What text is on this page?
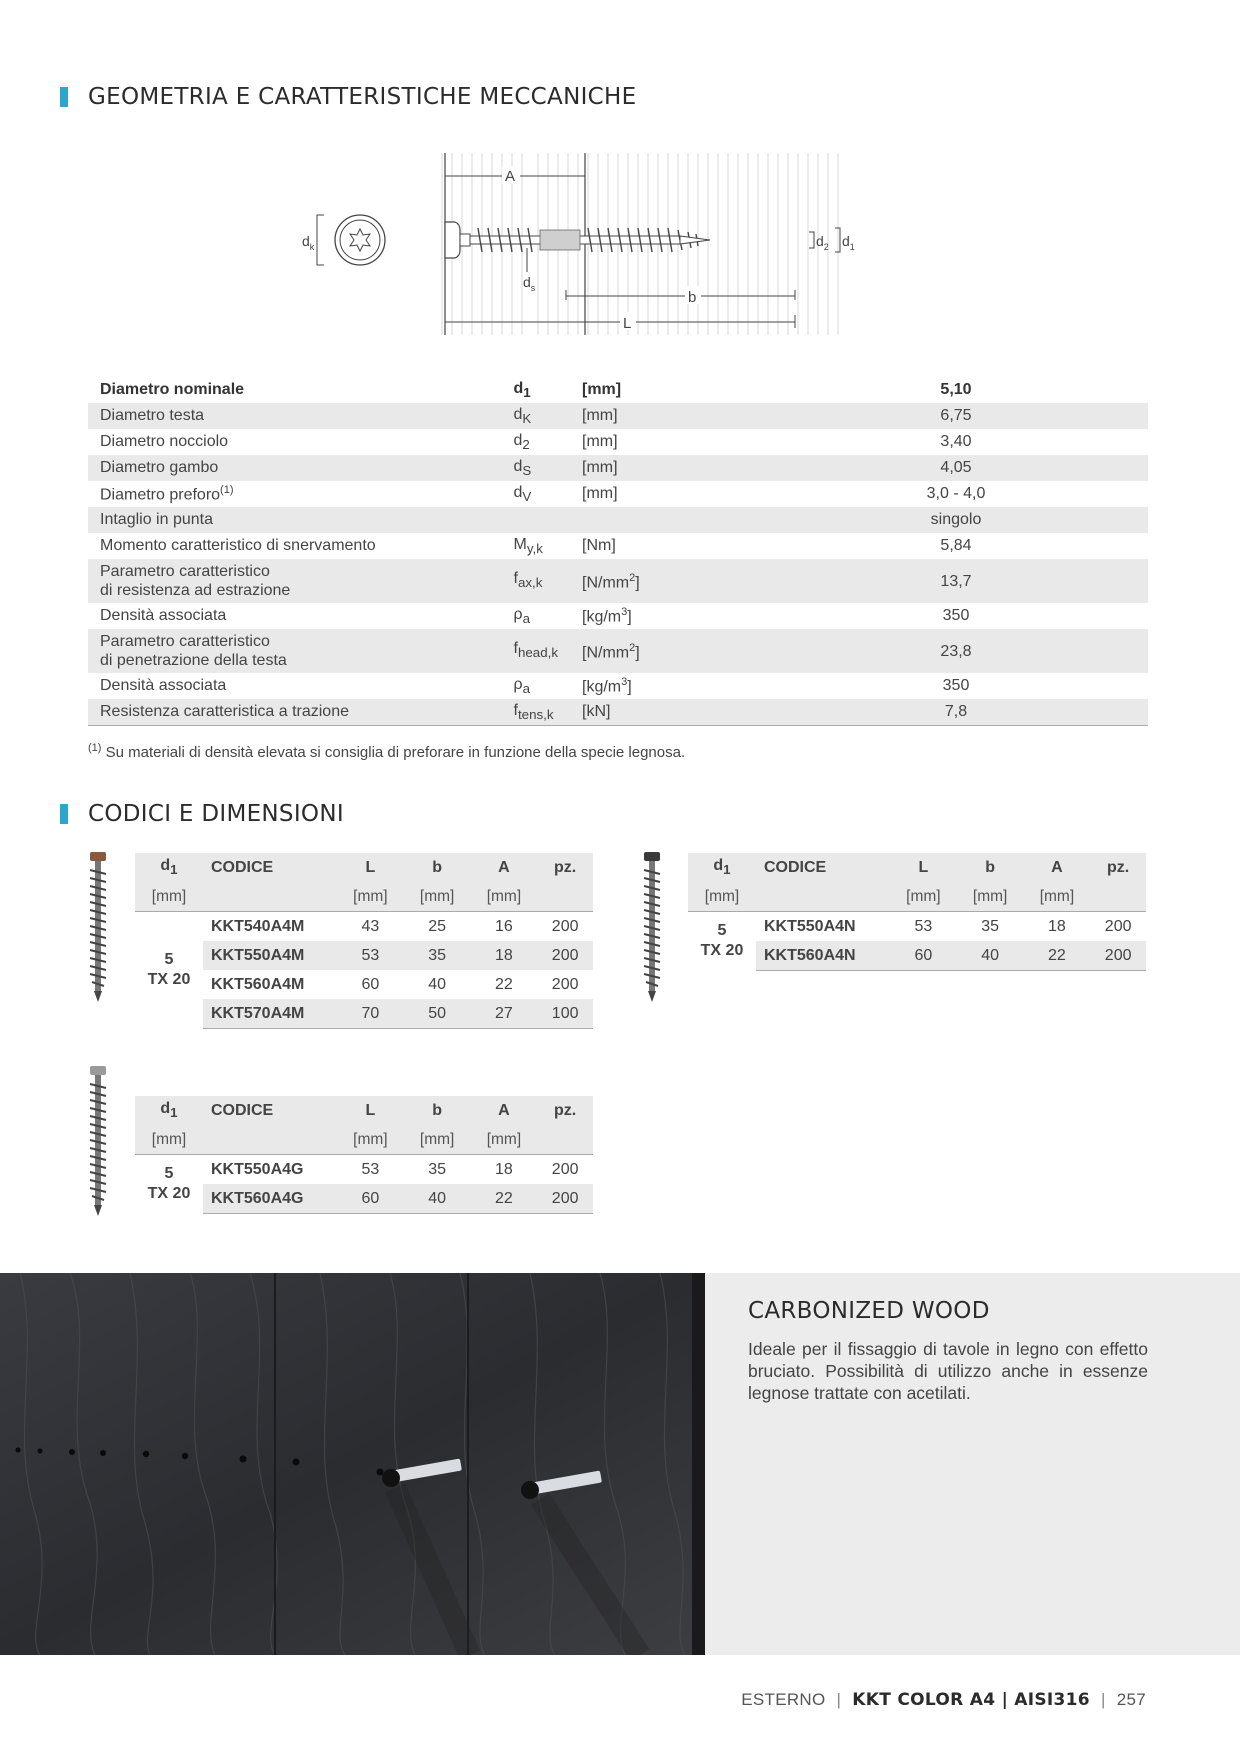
GEOMETRIA E CARATTERISTICHE MECCANICHE
$d_k$
A
$d_s$
b
L
$d_2$ $d_1$
Diametro nominale	$d_1$	[mm]	5,10
Diametro testa	$d_K$	[mm]	6,75
Diametro nocciolo	$d_2$	[mm]	3,40
Diametro gambo	$d_S$	[mm]	4,05
Diametro preforo$^{(1)}$	$d_V$	[mm]	3,0 - 4,0
Intaglio in punta			singolo
Momento caratteristico di snervamento	$M_{y,k}$	[Nm]	5,84
Parametro caratteristico
di resistenza ad estrazione	$f_{ax,k}$	$[N/mm^2]$	13,7
Densità associata	$\rho_a$	$[kg/m^3]$	350
Parametro caratteristico
di penetrazione della testa	$f_{head,k}$	$[N/mm^2]$	23,8
Densità associata	$\rho_a$	$[kg/m^3]$	350
Resistenza caratteristica a trazione	$f_{tens,k}$	[kN]	7,8
$^{(1)}$ Su materiali di densità elevata si consiglia di preforare in funzione della specie legnosa.
CODICI E DIMENSIONI
$d_1$	CODICE	L	b	A	pz.
[mm]		[mm]	[mm]	[mm]	
5
TX 20	KKT540A4M	43	25	16	200
	KKT550A4M	53	35	18	200
	KKT560A4M	60	40	22	200
	KKT570A4M	70	50	27	100
$d_1$	CODICE	L	b	A	pz.
[mm]		[mm]	[mm]	[mm]	
5
TX 20	KKT550A4N	53	35	18	200
	KKT560A4N	60	40	22	200
$d_1$	CODICE	L	b	A	pz.
[mm]		[mm]	[mm]	[mm]	
5
TX 20	KKT550A4G	53	35	18	200
	KKT560A4G	60	40	22	200
CARBONIZED WOOD
Ideale per il fissaggio di tavole in legno con effetto bruciato. Possibilità di utilizzo anche in essenze legnose trattate con acetilati.
ESTERNO | KKT COLOR A4 | AISI316 | 257
